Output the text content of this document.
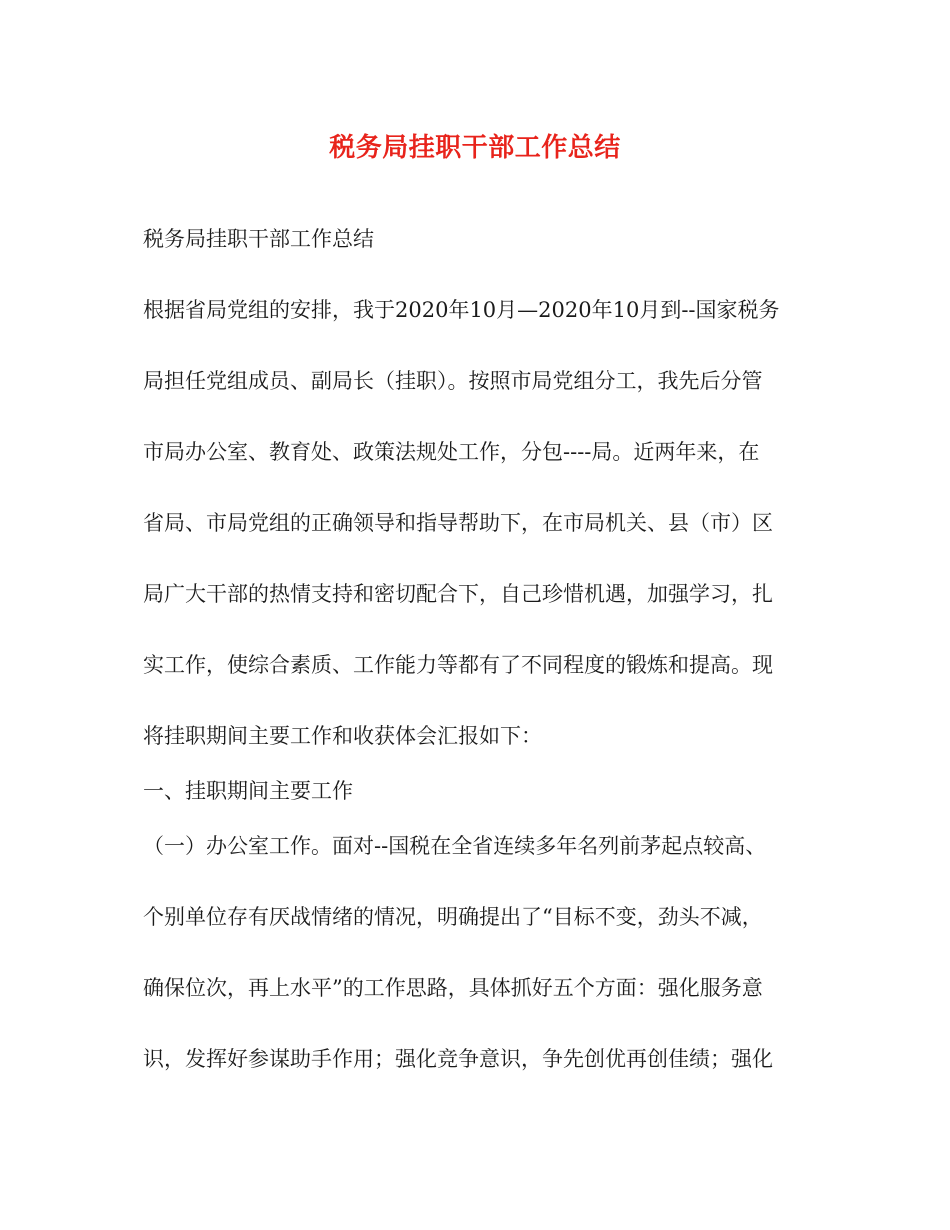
税务局挂职干部工作总结
税务局挂职干部工作总结
根据省局党组的安排，我于2020年10月—2020年10月到--国家税务
局担任党组成员、副局长（挂职）。按照市局党组分工，我先后分管
市局办公室、教育处、政策法规处工作，分包----局。近两年来，在
省局、市局党组的正确领导和指导帮助下，在市局机关、县（市）区
局广大干部的热情支持和密切配合下，自己珍惜机遇，加强学习，扎
实工作，使综合素质、工作能力等都有了不同程度的锻炼和提高。现
将挂职期间主要工作和收获体会汇报如下：
一、挂职期间主要工作
（一）办公室工作。面对--国税在全省连续多年名列前茅起点较高、
个别单位存有厌战情绪的情况，明确提出了“目标不变，劲头不减，
确保位次，再上水平”的工作思路，具体抓好五个方面：强化服务意
识，发挥好参谋助手作用；强化竞争意识，争先创优再创佳绩；强化
